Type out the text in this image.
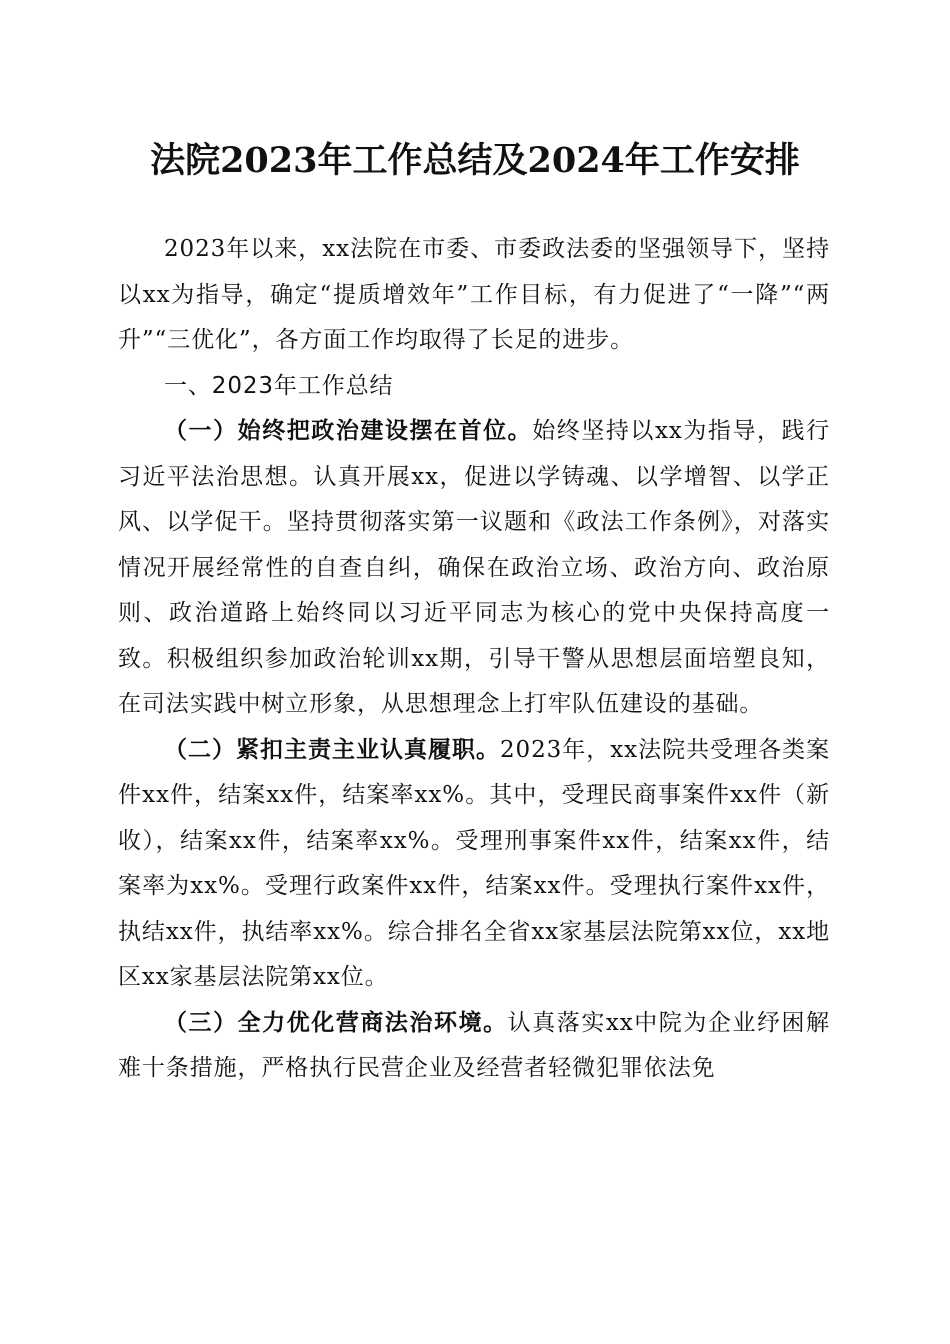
法院2023年工作总结及2024年工作安排

2023年以来，xx法院在市委、市委政法委的坚强领导下，坚持以xx为指导，确定“提质增效年”工作目标，有力促进了“一降”“两升”“三优化”，各方面工作均取得了长足的进步。

一、2023年工作总结

（一）始终把政治建设摆在首位。始终坚持以xx为指导，践行习近平法治思想。认真开展xx，促进以学铸魂、以学增智、以学正风、以学促干。坚持贯彻落实第一议题和《政法工作条例》，对落实情况开展经常性的自查自纠，确保在政治立场、政治方向、政治原则、政治道路上始终同以习近平同志为核心的党中央保持高度一致。积极组织参加政治轮训xx期，引导干警从思想层面培塑良知，在司法实践中树立形象，从思想理念上打牢队伍建设的基础。

（二）紧扣主责主业认真履职。2023年，xx法院共受理各类案件xx件，结案xx件，结案率xx%。其中，受理民商事案件xx件（新收），结案xx件，结案率xx%。受理刑事案件xx件，结案xx件，结案率为xx%。受理行政案件xx件，结案xx件。受理执行案件xx件，执结xx件，执结率xx%。综合排名全省xx家基层法院第xx位，xx地区xx家基层法院第xx位。

（三）全力优化营商法治环境。认真落实xx中院为企业纾困解难十条措施，严格执行民营企业及经营者轻微犯罪依法免
